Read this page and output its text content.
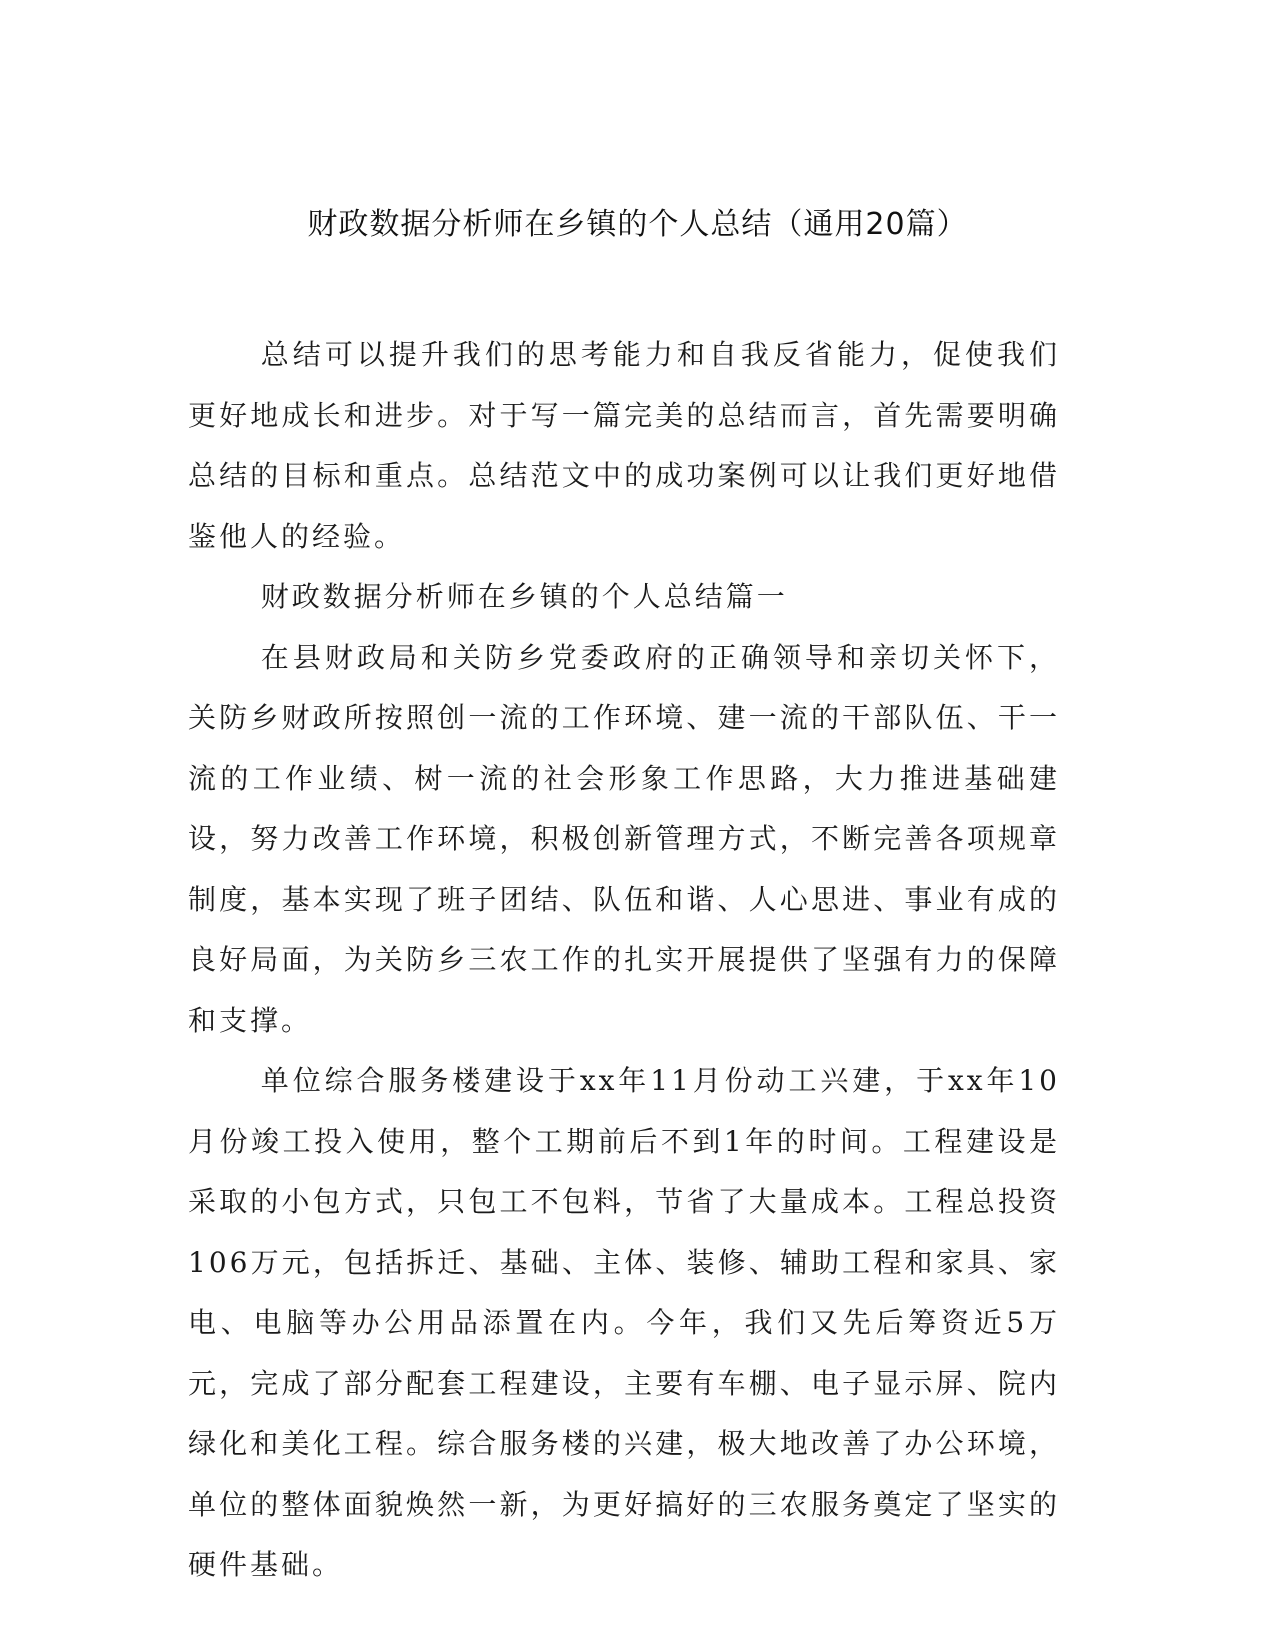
财政数据分析师在乡镇的个人总结（通用20篇）

总结可以提升我们的思考能力和自我反省能力，促使我们更好地成长和进步。对于写一篇完美的总结而言，首先需要明确总结的目标和重点。总结范文中的成功案例可以让我们更好地借鉴他人的经验。

财政数据分析师在乡镇的个人总结篇一

在县财政局和关防乡党委政府的正确领导和亲切关怀下，关防乡财政所按照创一流的工作环境、建一流的干部队伍、干一流的工作业绩、树一流的社会形象工作思路，大力推进基础建设，努力改善工作环境，积极创新管理方式，不断完善各项规章制度，基本实现了班子团结、队伍和谐、人心思进、事业有成的良好局面，为关防乡三农工作的扎实开展提供了坚强有力的保障和支撑。

单位综合服务楼建设于xx年11月份动工兴建，于xx年10月份竣工投入使用，整个工期前后不到1年的时间。工程建设是采取的小包方式，只包工不包料，节省了大量成本。工程总投资106万元，包括拆迁、基础、主体、装修、辅助工程和家具、家电、电脑等办公用品添置在内。今年，我们又先后筹资近5万元，完成了部分配套工程建设，主要有车棚、电子显示屏、院内绿化和美化工程。综合服务楼的兴建，极大地改善了办公环境，单位的整体面貌焕然一新，为更好搞好的三农服务奠定了坚实的硬件基础。
